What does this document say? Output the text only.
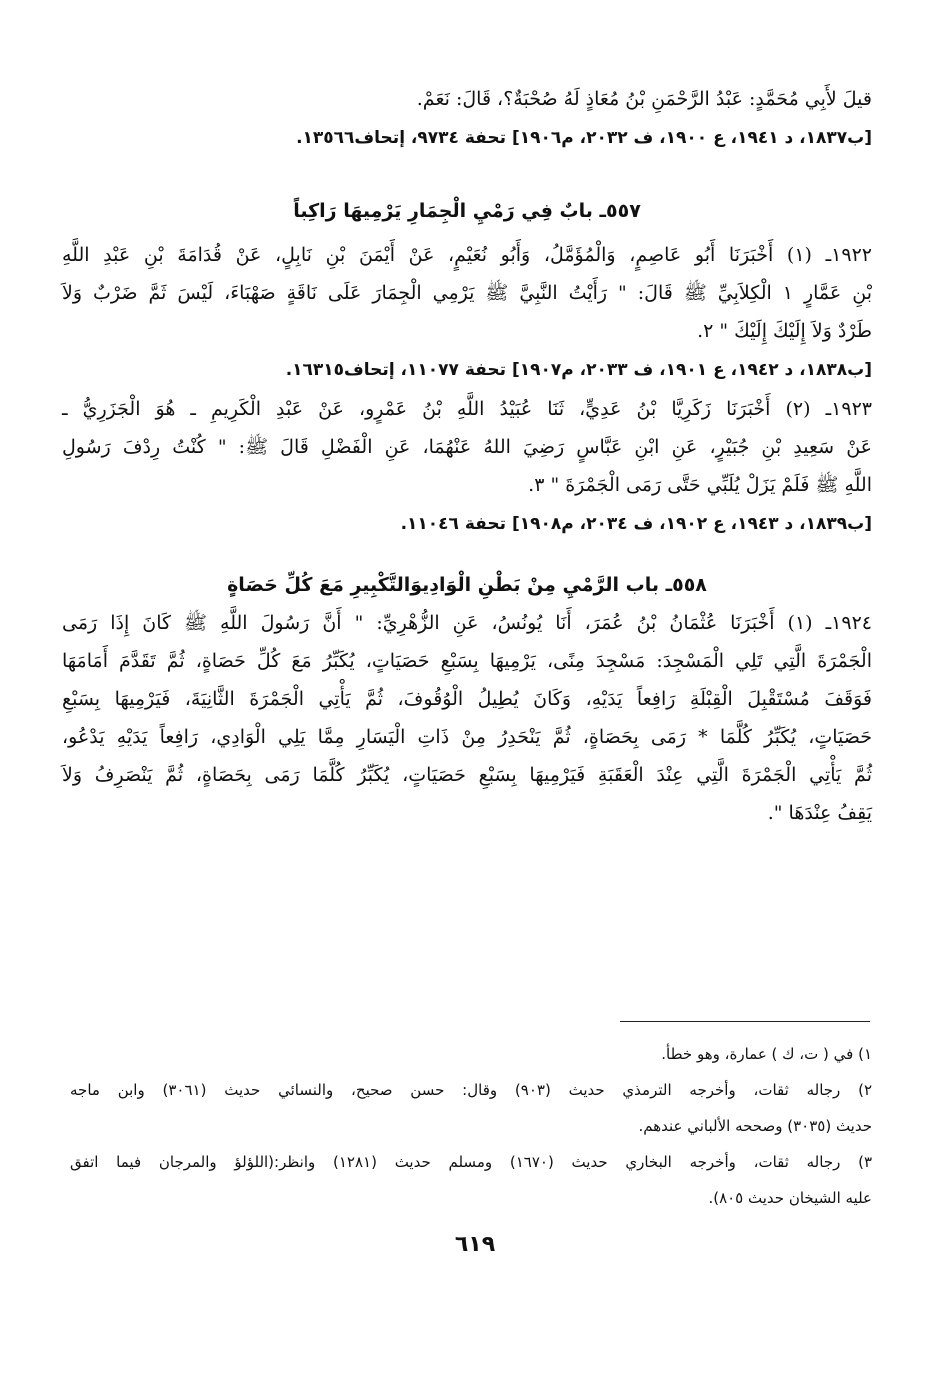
قيلَ لأَبِي مُحَمَّدٍ: عَبْدُ الرَّحْمَنِ بْنُ مُعَاذٍ لَهُ صُحْبَةٌ؟، قَالَ: نَعَمْ.

[ب١٨٣٧، د ١٩٤١، ع ١٩٠٠، ف ٢٠٣٢، م١٩٠٦] تحفة ٩٧٣٤، إتحاف١٣٥٦٦.

٥٥٧ـ بابٌ فِي رَمْيِ الْجِمَارِ يَرْمِيهَا رَاكِباً

١٩٢٢ـ (١) أَخْبَرَنَا أَبُو عَاصِمٍ، وَالْمُؤَمَّلُ، وَأَبُو نُعَيْمٍ، عَنْ أَيْمَنَ بْنِ نَابِلٍ، عَنْ قُدَامَةَ بْنِ عَبْدِ اللَّهِ

بْنِ عَمَّارٍ ١ الْكِلاَبِيِّ ﷺ قَالَ: " رَأَيْتُ النَّبِيَّ ﷺ يَرْمِي الْجِمَارَ عَلَى نَاقَةٍ صَهْبَاءَ، لَيْسَ ثَمَّ ضَرْبٌ وَلاَ

طَرْدٌ وَلاَ إِلَيْكَ إِلَيْكَ " ٢.

[ب١٨٣٨، د ١٩٤٢، ع ١٩٠١، ف ٢٠٣٣، م١٩٠٧] تحفة ١١٠٧٧، إتحاف١٦٣١٥.

١٩٢٣ـ (٢) أَخْبَرَنَا زَكَرِيَّا بْنُ عَدِيٍّ، ثَنَا عُبَيْدُ اللَّهِ بْنُ عَمْرٍو، عَنْ عَبْدِ الْكَرِيمِ ـ هُوَ الْجَزَرِيُّ ـ

عَنْ سَعِيدِ بْنِ جُبَيْرٍ، عَنِ ابْنِ عَبَّاسٍ رَضِيَ اللهُ عَنْهُمَا، عَنِ الْفَضْلِ قَالَ ﷺ: " كُنْتُ رِدْفَ رَسُولِ

اللَّهِ ﷺ فَلَمْ يَزَلْ يُلَبِّي حَتَّى رَمَى الْجَمْرَةَ " ٣.

[ب١٨٣٩، د ١٩٤٣، ع ١٩٠٢، ف ٢٠٣٤، م١٩٠٨] تحفة ١١٠٤٦.

٥٥٨ـ باب الرَّمْيِ مِنْ بَطْنِ الْوَادِيوَالتَّكْبِيرِ مَعَ كُلِّ حَصَاةٍ

١٩٢٤ـ (١) أَخْبَرَنَا عُثْمَانُ بْنُ عُمَرَ، أَنَا يُونُسُ، عَنِ الزُّهْرِيِّ: " أَنَّ رَسُولَ اللَّهِ ﷺ كَانَ إِذَا رَمَى

الْجَمْرَةَ الَّتِي تَلِي الْمَسْجِدَ: مَسْجِدَ مِنًى، يَرْمِيهَا بِسَبْعِ حَصَيَاتٍ، يُكَبِّرُ مَعَ كُلِّ حَصَاةٍ، ثُمَّ تَقَدَّمَ أَمَامَهَا

فَوَقَفَ مُسْتَقْبِلَ الْقِبْلَةِ رَافِعاً يَدَيْهِ، وَكَانَ يُطِيلُ الْوُقُوفَ، ثُمَّ يَأْتِي الْجَمْرَةَ الثَّانِيَةَ، فَيَرْمِيهَا بِسَبْعِ

حَصَيَاتٍ، يُكَبِّرُ كُلَّمَا * رَمَى بِحَصَاةٍ، ثُمَّ يَنْحَدِرُ مِنْ ذَاتِ الْيَسَارِ مِمَّا يَلِي الْوَادِي، رَافِعاً يَدَيْهِ يَدْعُو،

ثُمَّ يَأْتِي الْجَمْرَةَ الَّتِي عِنْدَ الْعَقَبَةِ فَيَرْمِيهَا بِسَبْعِ حَصَيَاتٍ، يُكَبِّرُ كُلَّمَا رَمَى بِحَصَاةٍ، ثُمَّ يَنْصَرِفُ وَلاَ

يَقِفُ عِنْدَهَا ".

١) في ( ت، ك ) عمارة، وهو خطأ.

٢) رجاله ثقات، وأخرجه الترمذي حديث (٩٠٣) وقال: حسن صحيح، والنسائي حديث (٣٠٦١) وابن ماجه

حديث (٣٠٣٥) وصححه الألباني عندهم.

٣) رجاله ثقات، وأخرجه البخاري حديث (١٦٧٠) ومسلم حديث (١٢٨١) وانظر:(اللؤلؤ والمرجان فيما اتفق

عليه الشيخان حديث ٨٠٥).

٦١٩
